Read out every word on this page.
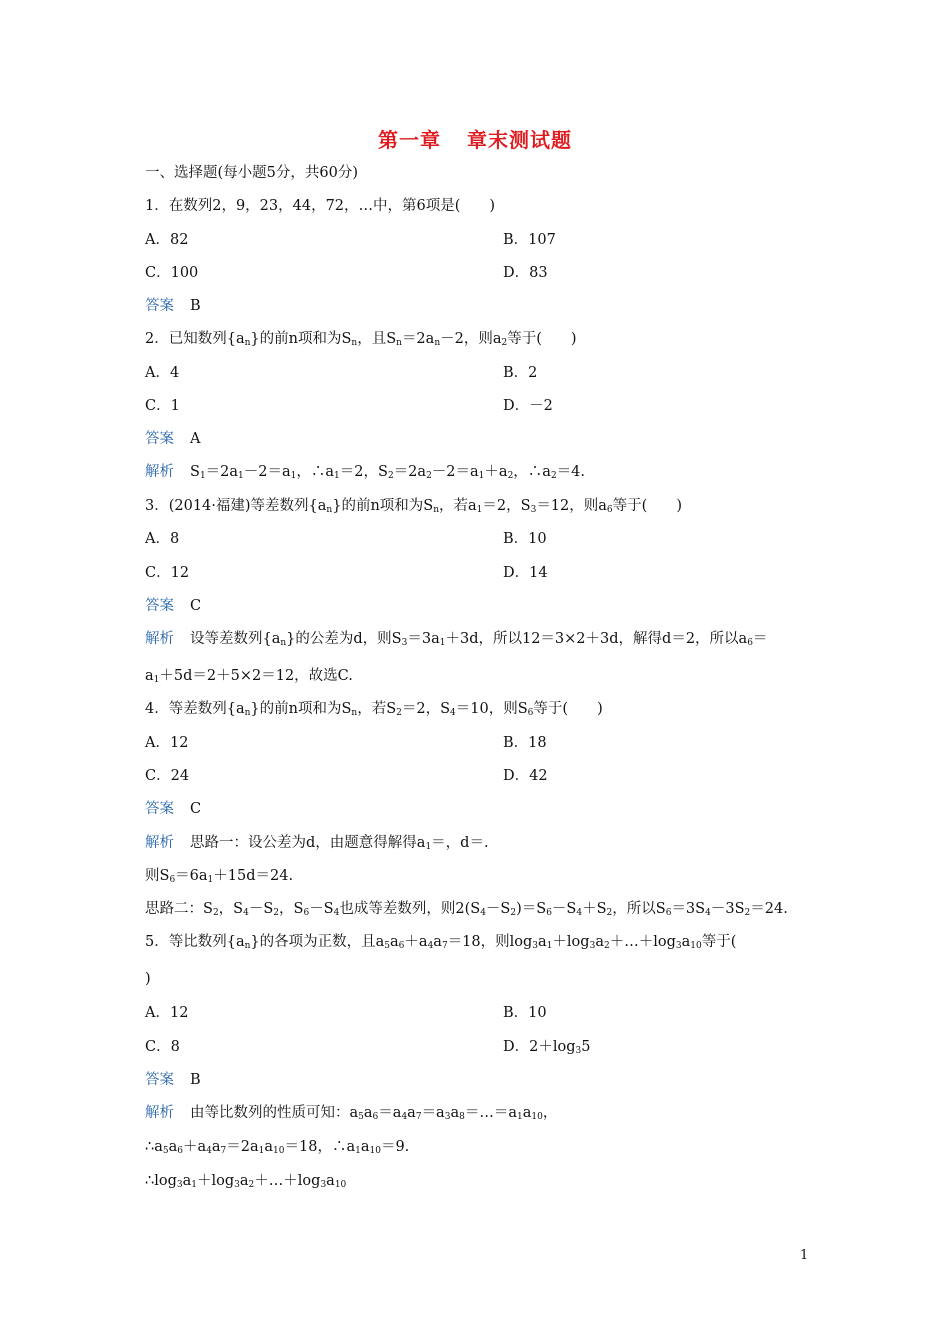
第一章 章末测试题
一、选择题(每小题5分，共60分)
1．在数列2，9，23，44，72，…中，第6项是(　　)
A．82	B．107
C．100	D．83
答案 B
2．已知数列$\{a_n\}$的前n项和为$S_n$，且$S_n=2a_n-2$，则$a_2$等于(　　)
A．4	B．2
C．1	D．－2
答案 A
解析 $S_1=2a_1-2=a_1$，$\therefore a_1=2$，$S_2=2a_2-2=a_1+a_2$，$\therefore a_2=4$.
3．(2014·福建)等差数列$\{a_n\}$的前n项和为$S_n$，若$a_1=2$，$S_3=12$，则$a_6$等于(　　)
A．8	B．10
C．12	D．14
答案 C
解析 设等差数列$\{a_n\}$的公差为d，则$S_3=3a_1+3d$，所以12＝3×2＋3d，解得d＝2，所以$a_6=$
$a_1+5d=2+5\times 2=12$，故选C.
4．等差数列$\{a_n\}$的前n项和为$S_n$，若$S_2=2$，$S_4=10$，则$S_6$等于(　　)
A．12	B．18
C．24	D．42
答案 C
解析 思路一：设公差为d，由题意得解得$a_1=$，d＝.
则$S_6=6a_1+15d=24$.
思路二：$S_2$，$S_4-S_2$，$S_6-S_4$也成等差数列，则$2(S_4-S_2)=S_6-S_4+S_2$，所以$S_6=3S_4-3S_2=24$.
5．等比数列$\{a_n\}$的各项为正数，且$a_5a_6+a_4a_7=18$，则$\log_3a_1+\log_3a_2+\dots+\log_3a_{10}$等于(
)
A．12	B．10
C．8	D．$2+\log_35$
答案 B
解析 由等比数列的性质可知：$a_5a_6=a_4a_7=a_3a_8=\dots=a_1a_{10}$，
$\therefore a_5a_6+a_4a_7=2a_1a_{10}=18$，$\therefore a_1a_{10}=9$.
$\therefore\log_3a_1+\log_3a_2+\dots+\log_3a_{10}$
1
